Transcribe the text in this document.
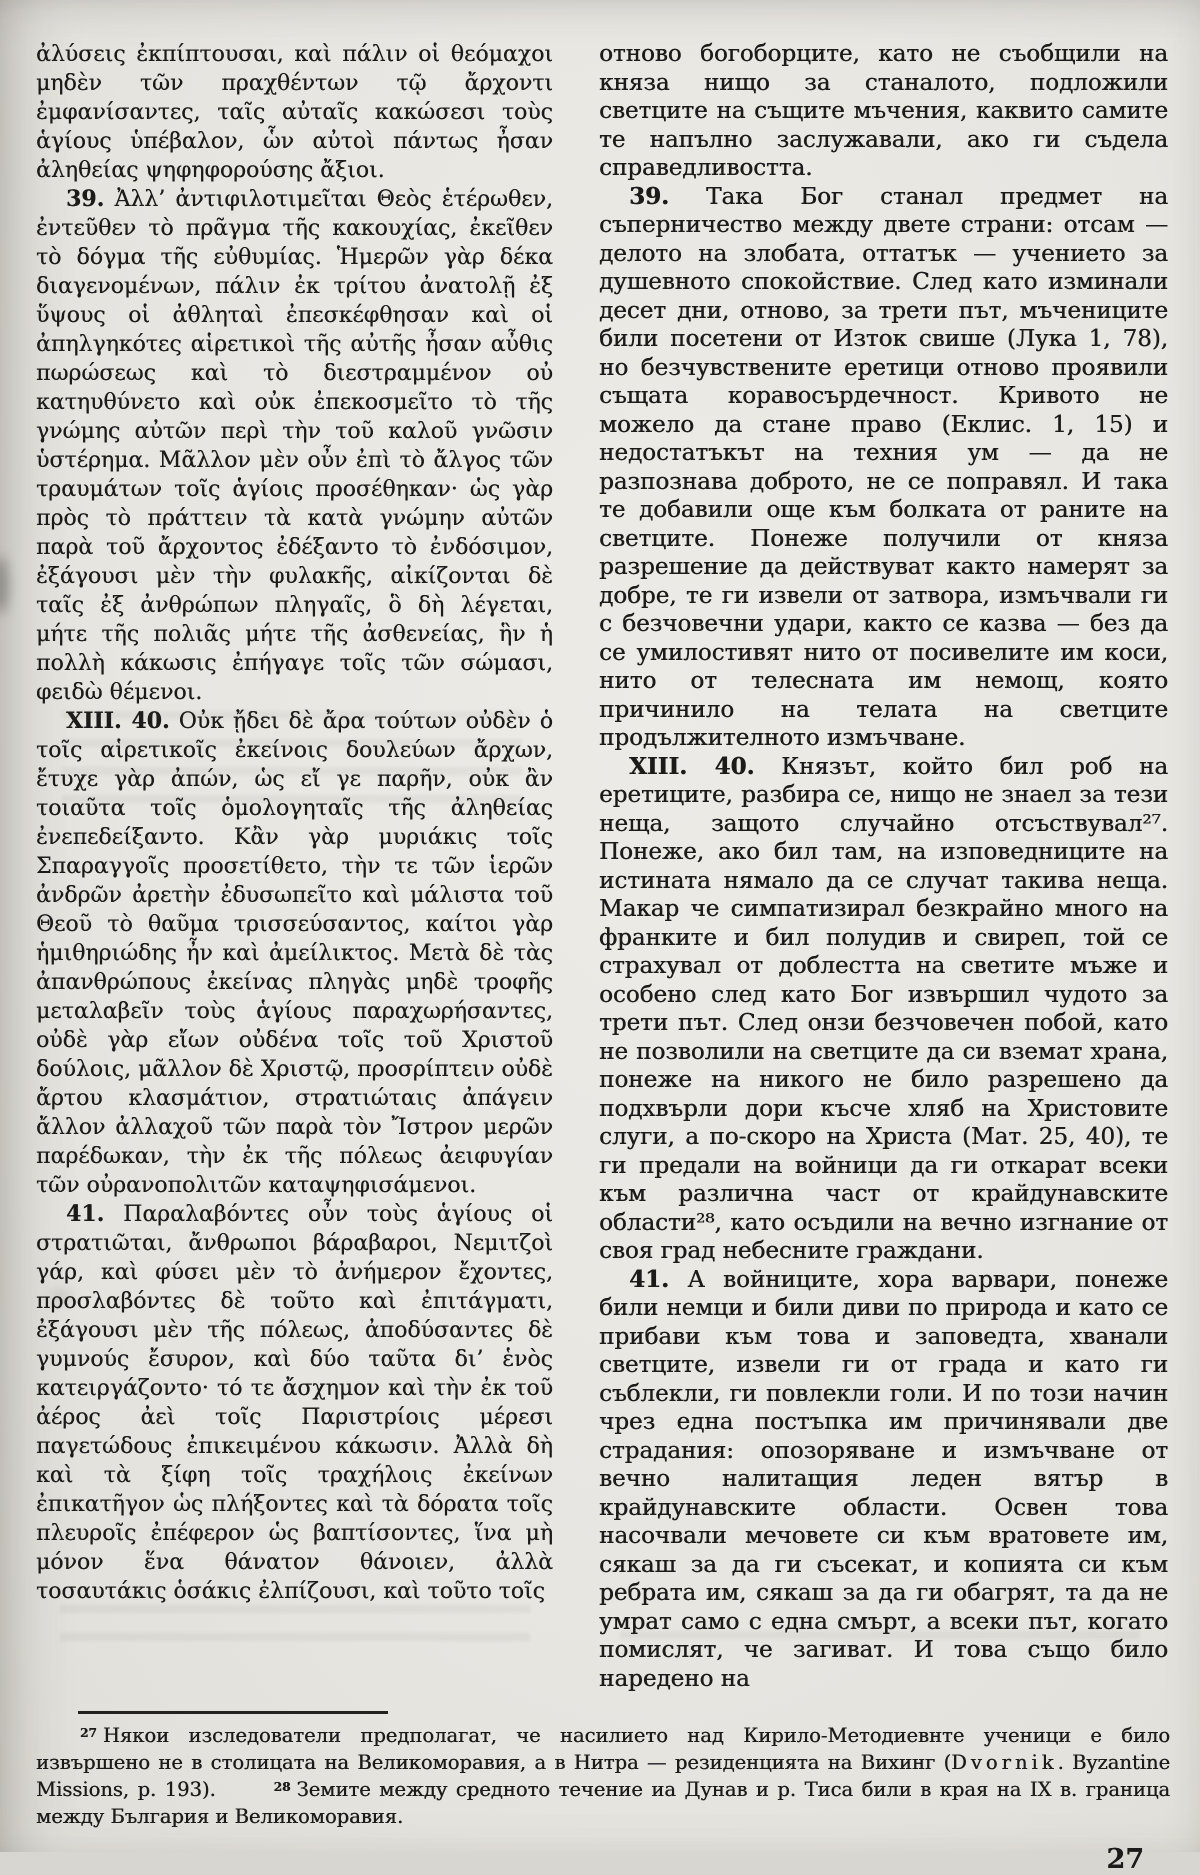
ἀλύσεις ἐκπίπτουσαι, καὶ πάλιν οἱ θεόμαχοι μηδὲν τῶν πραχθέντων τῷ ἄρχοντι ἐμφανίσαντες, ταῖς αὐταῖς κακώσεσι τοὺς ἁγίους ὑπέβαλον, ὧν αὐτοὶ πάντως ἦσαν ἀληθείας ψηφηφορούσης ἄξιοι.

39. Ἀλλ’ ἀντιφιλοτιμεῖται Θεὸς ἑτέρωθεν, ἐντεῦθεν τὸ πρᾶγμα τῆς κακουχίας, ἐκεῖθεν τὸ δόγμα τῆς εὐθυμίας. Ἡμερῶν γὰρ δέκα διαγενομένων, πάλιν ἐκ τρίτου ἀνατολῇ ἐξ ὕψους οἱ ἀθληταὶ ἐπεσκέφθησαν καὶ οἱ ἀπηλγηκότες αἱρετικοὶ τῆς αὐτῆς ἦσαν αὖθις πωρώσεως καὶ τὸ διεστραμμένον οὐ κατηυθύνετο καὶ οὐκ ἐπεκοσμεῖτο τὸ τῆς γνώμης αὐτῶν περὶ τὴν τοῦ καλοῦ γνῶσιν ὑστέρημα. Μᾶλλον μὲν οὖν ἐπὶ τὸ ἄλγος τῶν τραυμάτων τοῖς ἁγίοις προσέθηκαν· ὡς γὰρ πρὸς τὸ πράττειν τὰ κατὰ γνώμην αὐτῶν παρὰ τοῦ ἄρχοντος ἐδέξαντο τὸ ἐνδόσιμον, ἐξάγουσι μὲν τὴν φυλακῆς, αἰκίζονται δὲ ταῖς ἐξ ἀνθρώπων πληγαῖς, ὃ δὴ λέγεται, μήτε τῆς πολιᾶς μήτε τῆς ἀσθενείας, ἣν ἡ πολλὴ κάκωσις ἐπήγαγε τοῖς τῶν σώμασι, φειδὼ θέμενοι.

XIII. 40. Οὐκ ᾔδει δὲ ἄρα τούτων οὐδὲν ὁ τοῖς αἱρετικοῖς ἐκείνοις δουλεύων ἄρχων, ἔτυχε γὰρ ἀπών, ὡς εἴ γε παρῆν, οὐκ ἂν τοιαῦτα τοῖς ὁμολογηταῖς τῆς ἀληθείας ἐνεπεδείξαντο. Κἂν γὰρ μυριάκις τοῖς Σπαραγγοῖς προσετίθετο, τὴν τε τῶν ἱερῶν ἀνδρῶν ἀρετὴν ἐδυσωπεῖτο καὶ μάλιστα τοῦ Θεοῦ τὸ θαῦμα τρισσεύσαντος, καίτοι γὰρ ἡμιθηριώδης ἦν καὶ ἀμείλικτος. Μετὰ δὲ τὰς ἀπανθρώπους ἐκείνας πληγὰς μηδὲ τροφῆς μεταλαβεῖν τοὺς ἁγίους παραχωρήσαντες, οὐδὲ γὰρ εἴων οὐδένα τοῖς τοῦ Χριστοῦ δούλοις, μᾶλλον δὲ Χριστῷ, προσρίπτειν οὐδὲ ἄρτου κλασμάτιον, στρατιώταις ἀπάγειν ἄλλον ἀλλαχοῦ τῶν παρὰ τὸν Ἴστρον μερῶν παρέδωκαν, τὴν ἐκ τῆς πόλεως ἀειφυγίαν τῶν οὐρανοπολιτῶν καταψηφισάμενοι.

41. Παραλαβόντες οὖν τοὺς ἁγίους οἱ στρατιῶται, ἄνθρωποι βάραβαροι, Νεμιτζοὶ γάρ, καὶ φύσει μὲν τὸ ἀνήμερον ἔχοντες, προσλαβόντες δὲ τοῦτο καὶ ἐπιτάγματι, ἐξάγουσι μὲν τῆς πόλεως, ἀποδύσαντες δὲ γυμνούς ἔσυρον, καὶ δύο ταῦτα δι’ ἑνὸς κατειργάζοντο· τό τε ἄσχημον καὶ τὴν ἐκ τοῦ ἀέρος ἀεὶ τοῖς Παριστρίοις μέρεσι παγετώδους ἐπικειμένου κάκωσιν. Ἀλλὰ δὴ καὶ τὰ ξίφη τοῖς τραχήλοις ἐκείνων ἐπικατῆγον ὡς πλήξοντες καὶ τὰ δόρατα τοῖς πλευροῖς ἐπέφερον ὡς βαπτίσοντες, ἵνα μὴ μόνον ἕνα θάνατον θάνοιεν, ἀλλὰ τοσαυτάκις ὁσάκις ἐλπίζουσι, καὶ τοῦτο τοῖς

отново богоборците, като не съобщили на княза нищо за станалото, подложили светците на същите мъчения, каквито самите те напълно заслужавали, ако ги съдела справедливостта.

39. Така Бог станал предмет на съперничество между двете страни: отсам — делото на злобата, оттатък — учението за душевното спокойствие. След като изминали десет дни, отново, за трети път, мъчениците били посетени от Изток свише (Лука 1, 78), но безчувствените еретици отново проявили същата коравосърдечност. Кривото не можело да стане право (Еклис. 1, 15) и недостатъкът на техния ум — да не разпознава доброто, не се поправял. И така те добавили още към болката от раните на светците. Понеже получили от княза разрешение да действуват както намерят за добре, те ги извели от затвора, измъчвали ги с безчовечни удари, както се казва — без да се умилостивят нито от посивелите им коси, нито от телесната им немощ, която причинило на телата на светците продължителното измъчване.

XIII. 40. Князът, който бил роб на еретиците, разбира се, нищо не знаел за тези неща, защото случайно отсъствувал²⁷. Понеже, ако бил там, на изповедниците на истината нямало да се случат такива неща. Макар че симпатизирал безкрайно много на франките и бил полудив и свиреп, той се страхувал от доблестта на светите мъже и особено след като Бог извършил чудото за трети път. След онзи безчовечен побой, като не позволили на светците да си вземат храна, понеже на никого не било разрешено да подхвърли дори късче хляб на Христовите слуги, а по-скоро на Христа (Мат. 25, 40), те ги предали на войници да ги откарат всеки към различна част от крайдунавските области²⁸, като осъдили на вечно изгнание от своя град небесните граждани.

41. А войниците, хора варвари, понеже били немци и били диви по природа и като се прибави към това и заповедта, хванали светците, извели ги от града и като ги съблекли, ги повлекли голи. И по този начин чрез една постъпка им причинявали две страдания: опозоряване и измъчване от вечно налитащия леден вятър в крайдунавските области. Освен това насочвали мечовете си към вратовете им, сякаш за да ги съсекат, и копията си към ребрата им, сякаш за да ги обагрят, та да не умрат само с една смърт, а всеки път, когато помислят, че загиват. И това също било наредено на

$^{27}$ Някои изследователи предполагат, че насилието над Кирило-Методиевнте ученици е било извършено не в столицата на Великоморавия, а в Нитра — резиденцията на Вихинг (Dvornik. Byzantine Missions, p. 193).	$^{28}$ Земите между средното течение иа Дунав и р. Тиса били в края на IX в. граница между България и Великоморавия.

27
